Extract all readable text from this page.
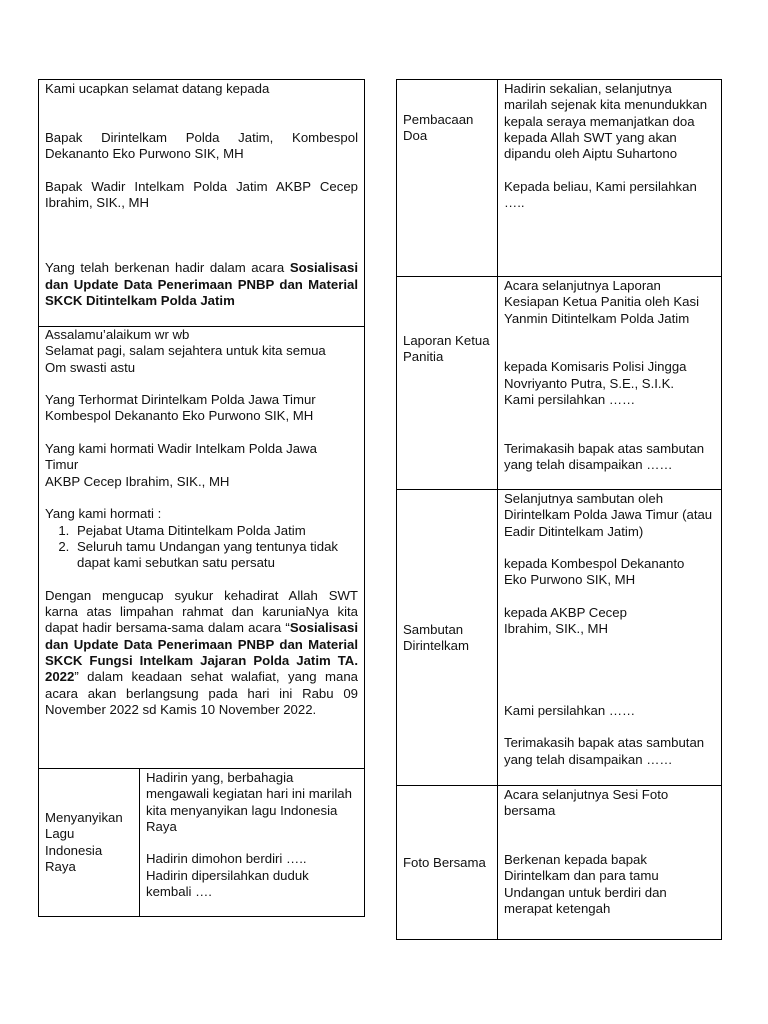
Kami ucapkan selamat datang kepada

Bapak Dirintelkam Polda Jatim, Kombespol Dekananto Eko Purwono SIK, MH

Bapak Wadir Intelkam Polda Jatim AKBP Cecep Ibrahim, SIK., MH

Yang telah berkenan hadir dalam acara Sosialisasi dan Update Data Penerimaan PNBP dan Material SKCK Ditintelkam Polda Jatim

Assalamu’alaikum wr wb

Selamat pagi, salam sejahtera untuk kita semua

Om swasti astu

Yang Terhormat Dirintelkam Polda Jawa Timur

Kombespol Dekananto Eko Purwono SIK, MH

Yang kami hormati Wadir Intelkam Polda Jawa Timur

AKBP Cecep Ibrahim, SIK., MH

Yang kami hormati :

1. Pejabat Utama Ditintelkam Polda Jatim
2. Seluruh tamu Undangan yang tentunya tidak dapat kami sebutkan satu persatu

Dengan mengucap syukur kehadirat Allah SWT karna atas limpahan rahmat dan karuniaNya kita dapat hadir bersama-sama dalam acara “Sosialisasi dan Update Data Penerimaan PNBP dan Material SKCK Fungsi Intelkam Jajaran Polda Jatim TA. 2022” dalam keadaan sehat walafiat, yang mana acara akan berlangsung pada hari ini Rabu 09 November 2022 sd Kamis 10 November 2022.

Menyanyikan Lagu Indonesia Raya

Hadirin yang, berbahagia mengawali kegiatan hari ini marilah kita menyanyikan lagu Indonesia Raya

Hadirin dimohon berdiri …..

Hadirin dipersilahkan duduk kembali ….

Pembacaan Doa

Hadirin sekalian, selanjutnya marilah sejenak kita menundukkan kepala seraya memanjatkan doa kepada Allah SWT yang akan dipandu oleh Aiptu Suhartono

Kepada beliau, Kami persilahkan …..

Laporan Ketua Panitia

Acara selanjutnya Laporan Kesiapan Ketua Panitia oleh Kasi Yanmin Ditintelkam Polda Jatim

kepada Komisaris Polisi Jingga Novriyanto Putra, S.E., S.I.K.

Kami persilahkan ……

Terimakasih bapak atas sambutan yang telah disampaikan ……

Sambutan Dirintelkam

Selanjutnya sambutan oleh Dirintelkam Polda Jawa Timur (atau Eadir Ditintelkam Jatim)

kepada Kombespol Dekananto Eko Purwono SIK, MH

kepada AKBP Cecep Ibrahim, SIK., MH

Kami persilahkan ……

Terimakasih bapak atas sambutan yang telah disampaikan ……

Foto Bersama

Acara selanjutnya Sesi Foto bersama

Berkenan kepada bapak Dirintelkam dan para tamu Undangan untuk berdiri dan merapat ketengah
